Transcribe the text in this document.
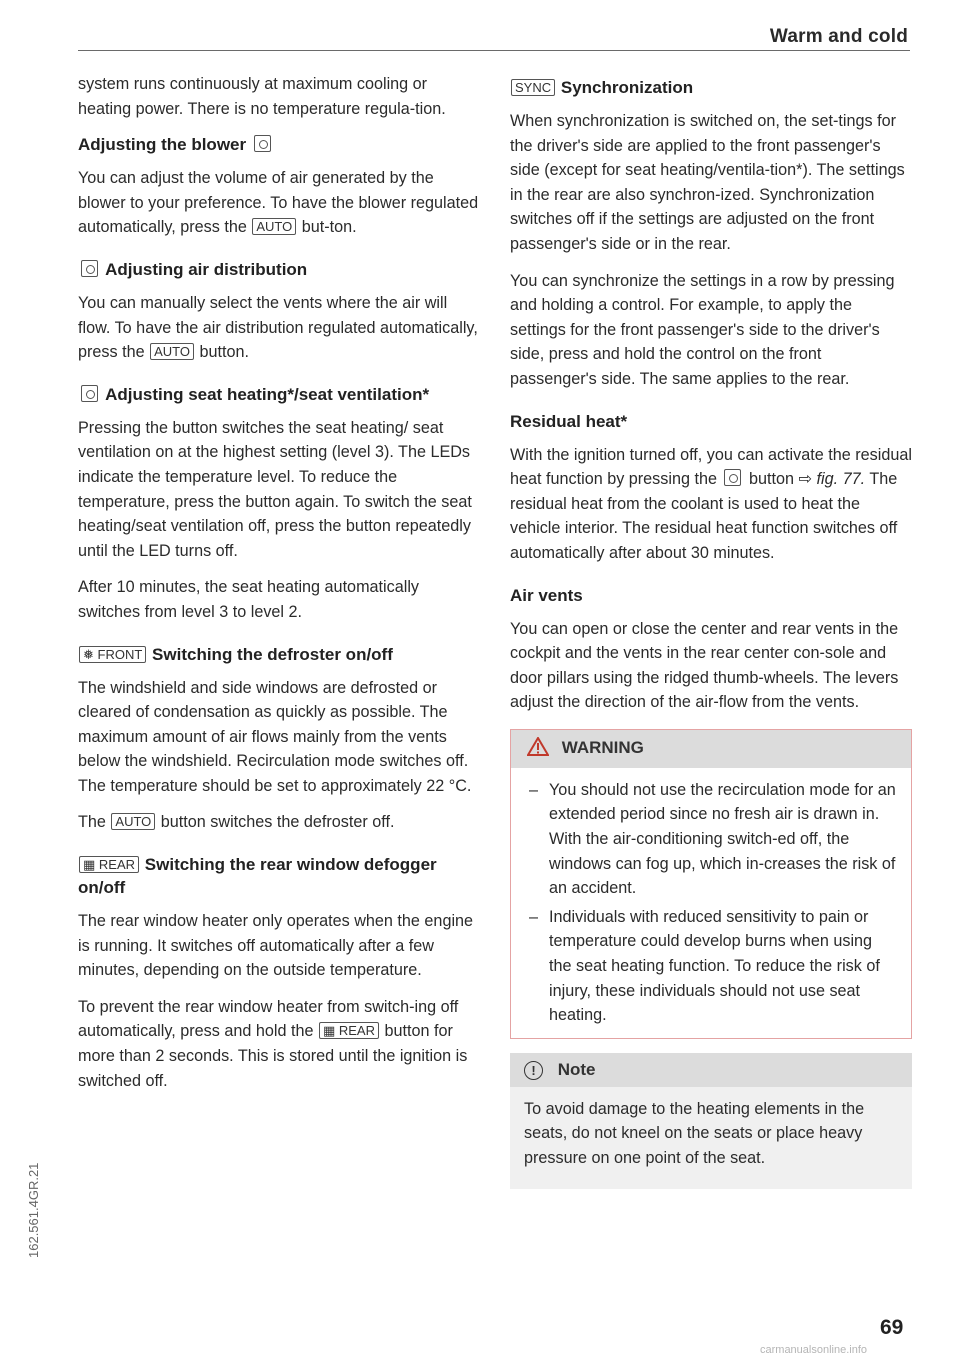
Warm and cold

system runs continuously at maximum cooling or heating power. There is no temperature regula-tion.

Adjusting the blower

You can adjust the volume of air generated by the blower to your preference. To have the blower regulated automatically, press the AUTO but-ton.

Adjusting air distribution

You can manually select the vents where the air will flow. To have the air distribution regulated automatically, press the AUTO button.

Adjusting seat heating*/seat ventilation*

Pressing the button switches the seat heating/ seat ventilation on at the highest setting (level 3). The LEDs indicate the temperature level. To reduce the temperature, press the button again. To switch the seat heating/seat ventilation off, press the button repeatedly until the LED turns off.

After 10 minutes, the seat heating automatically switches from level 3 to level 2.

❅ FRONT Switching the defroster on/off

The windshield and side windows are defrosted or cleared of condensation as quickly as possible. The maximum amount of air flows mainly from the vents below the windshield. Recirculation mode switches off. The temperature should be set to approximately 22 °C.

The AUTO button switches the defroster off.

▦ REAR Switching the rear window defogger on/off

The rear window heater only operates when the engine is running. It switches off automatically after a few minutes, depending on the outside temperature.

To prevent the rear window heater from switch-ing off automatically, press and hold the ▦ REAR button for more than 2 seconds. This is stored until the ignition is switched off.

SYNC Synchronization

When synchronization is switched on, the set-tings for the driver's side are applied to the front passenger's side (except for seat heating/ventila-tion*). The settings in the rear are also synchron-ized. Synchronization switches off if the settings are adjusted on the front passenger's side or in the rear.

You can synchronize the settings in a row by pressing and holding a control. For example, to apply the settings for the front passenger's side to the driver's side, press and hold the control on the front passenger's side. The same applies to the rear.

Residual heat*

With the ignition turned off, you can activate the residual heat function by pressing the button ⇨ fig. 77. The residual heat from the coolant is used to heat the vehicle interior. The residual heat function switches off automatically after about 30 minutes.

Air vents

You can open or close the center and rear vents in the cockpit and the vents in the rear center con-sole and door pillars using the ridged thumb-wheels. The levers adjust the direction of the air-flow from the vents.

WARNING
– You should not use the recirculation mode for an extended period since no fresh air is drawn in. With the air-conditioning switch-ed off, the windows can fog up, which in-creases the risk of an accident.
– Individuals with reduced sensitivity to pain or temperature could develop burns when using the seat heating function. To reduce the risk of injury, these individuals should not use seat heating.
! Note

To avoid damage to the heating elements in the seats, do not kneel on the seats or place heavy pressure on one point of the seat.

162.561.4GR.21
69
carmanualsonline.info
